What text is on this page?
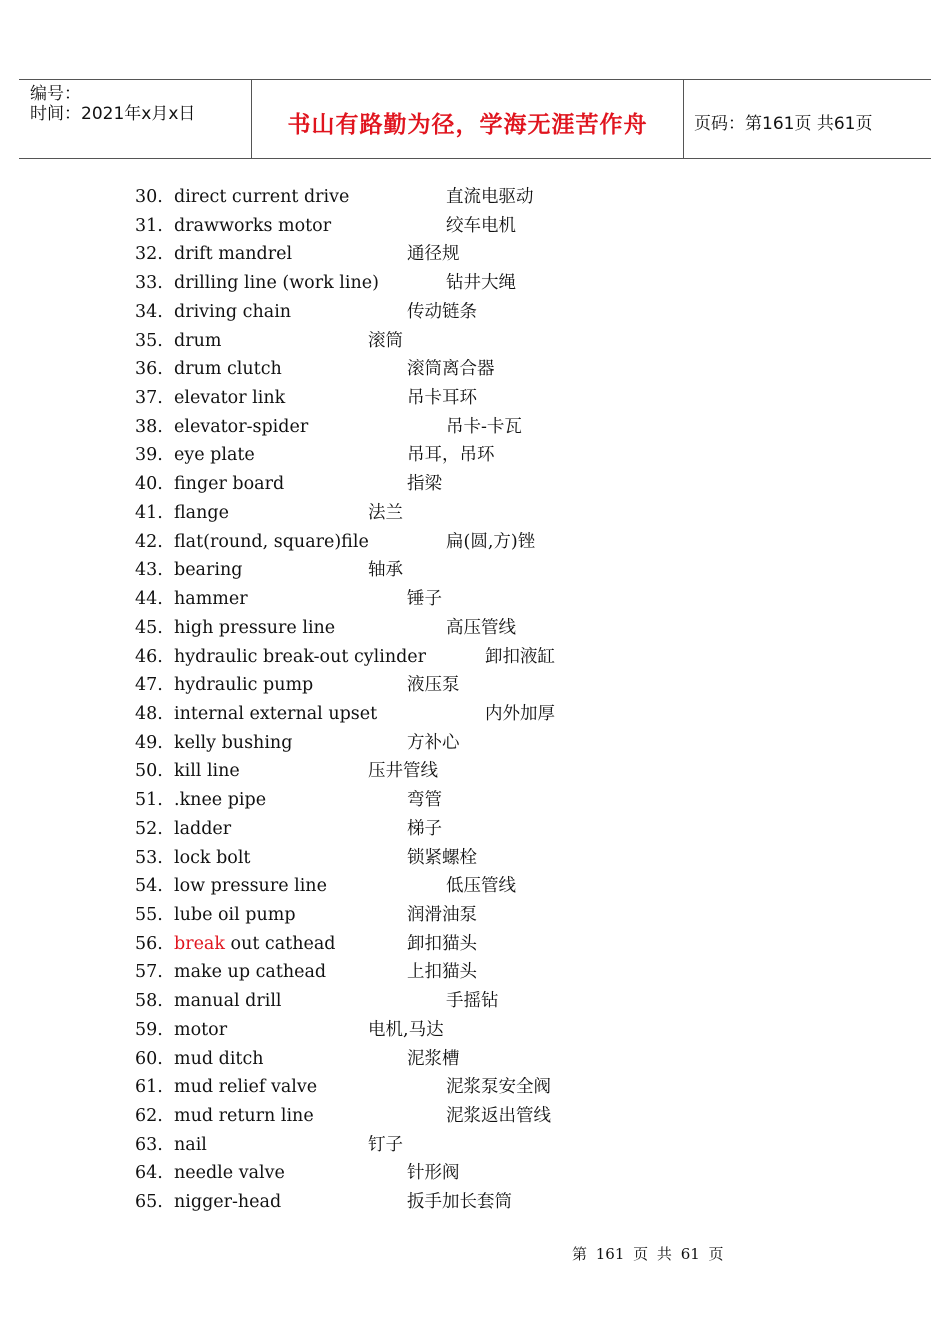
编号：
时间：2021年x月x日	书山有路勤为径，学海无涯苦作舟	页码：第161页 共61页
30. direct current drive	直流电驱动
31. drawworks motor	绞车电机
32. drift mandrel	通径规
33. drilling line (work line)	钻井大绳
34. driving chain	传动链条
35. drum	滚筒
36. drum clutch	滚筒离合器
37. elevator link	吊卡耳环
38. elevator-spider	吊卡-卡瓦
39. eye plate	吊耳，吊环
40. finger board	指梁
41. flange	法兰
42. flat(round, square)file	扁(圆,方)锉
43. bearing	轴承
44. hammer	锤子
45. high pressure line	高压管线
46. hydraulic break-out cylinder	卸扣液缸
47. hydraulic pump	液压泵
48. internal external upset	内外加厚
49. kelly bushing	方补心
50. kill line	压井管线
51. .knee pipe	弯管
52. ladder	梯子
53. lock bolt	锁紧螺栓
54. low pressure line	低压管线
55. lube oil pump	润滑油泵
56. break out cathead	卸扣猫头
57. make up cathead	上扣猫头
58. manual drill	手摇钻
59. motor	电机,马达
60. mud ditch	泥浆槽
61. mud relief valve	泥浆泵安全阀
62. mud return line	泥浆返出管线
63. nail	钉子
64. needle valve	针形阀
65. nigger-head	扳手加长套筒
第 161 页 共 61 页
